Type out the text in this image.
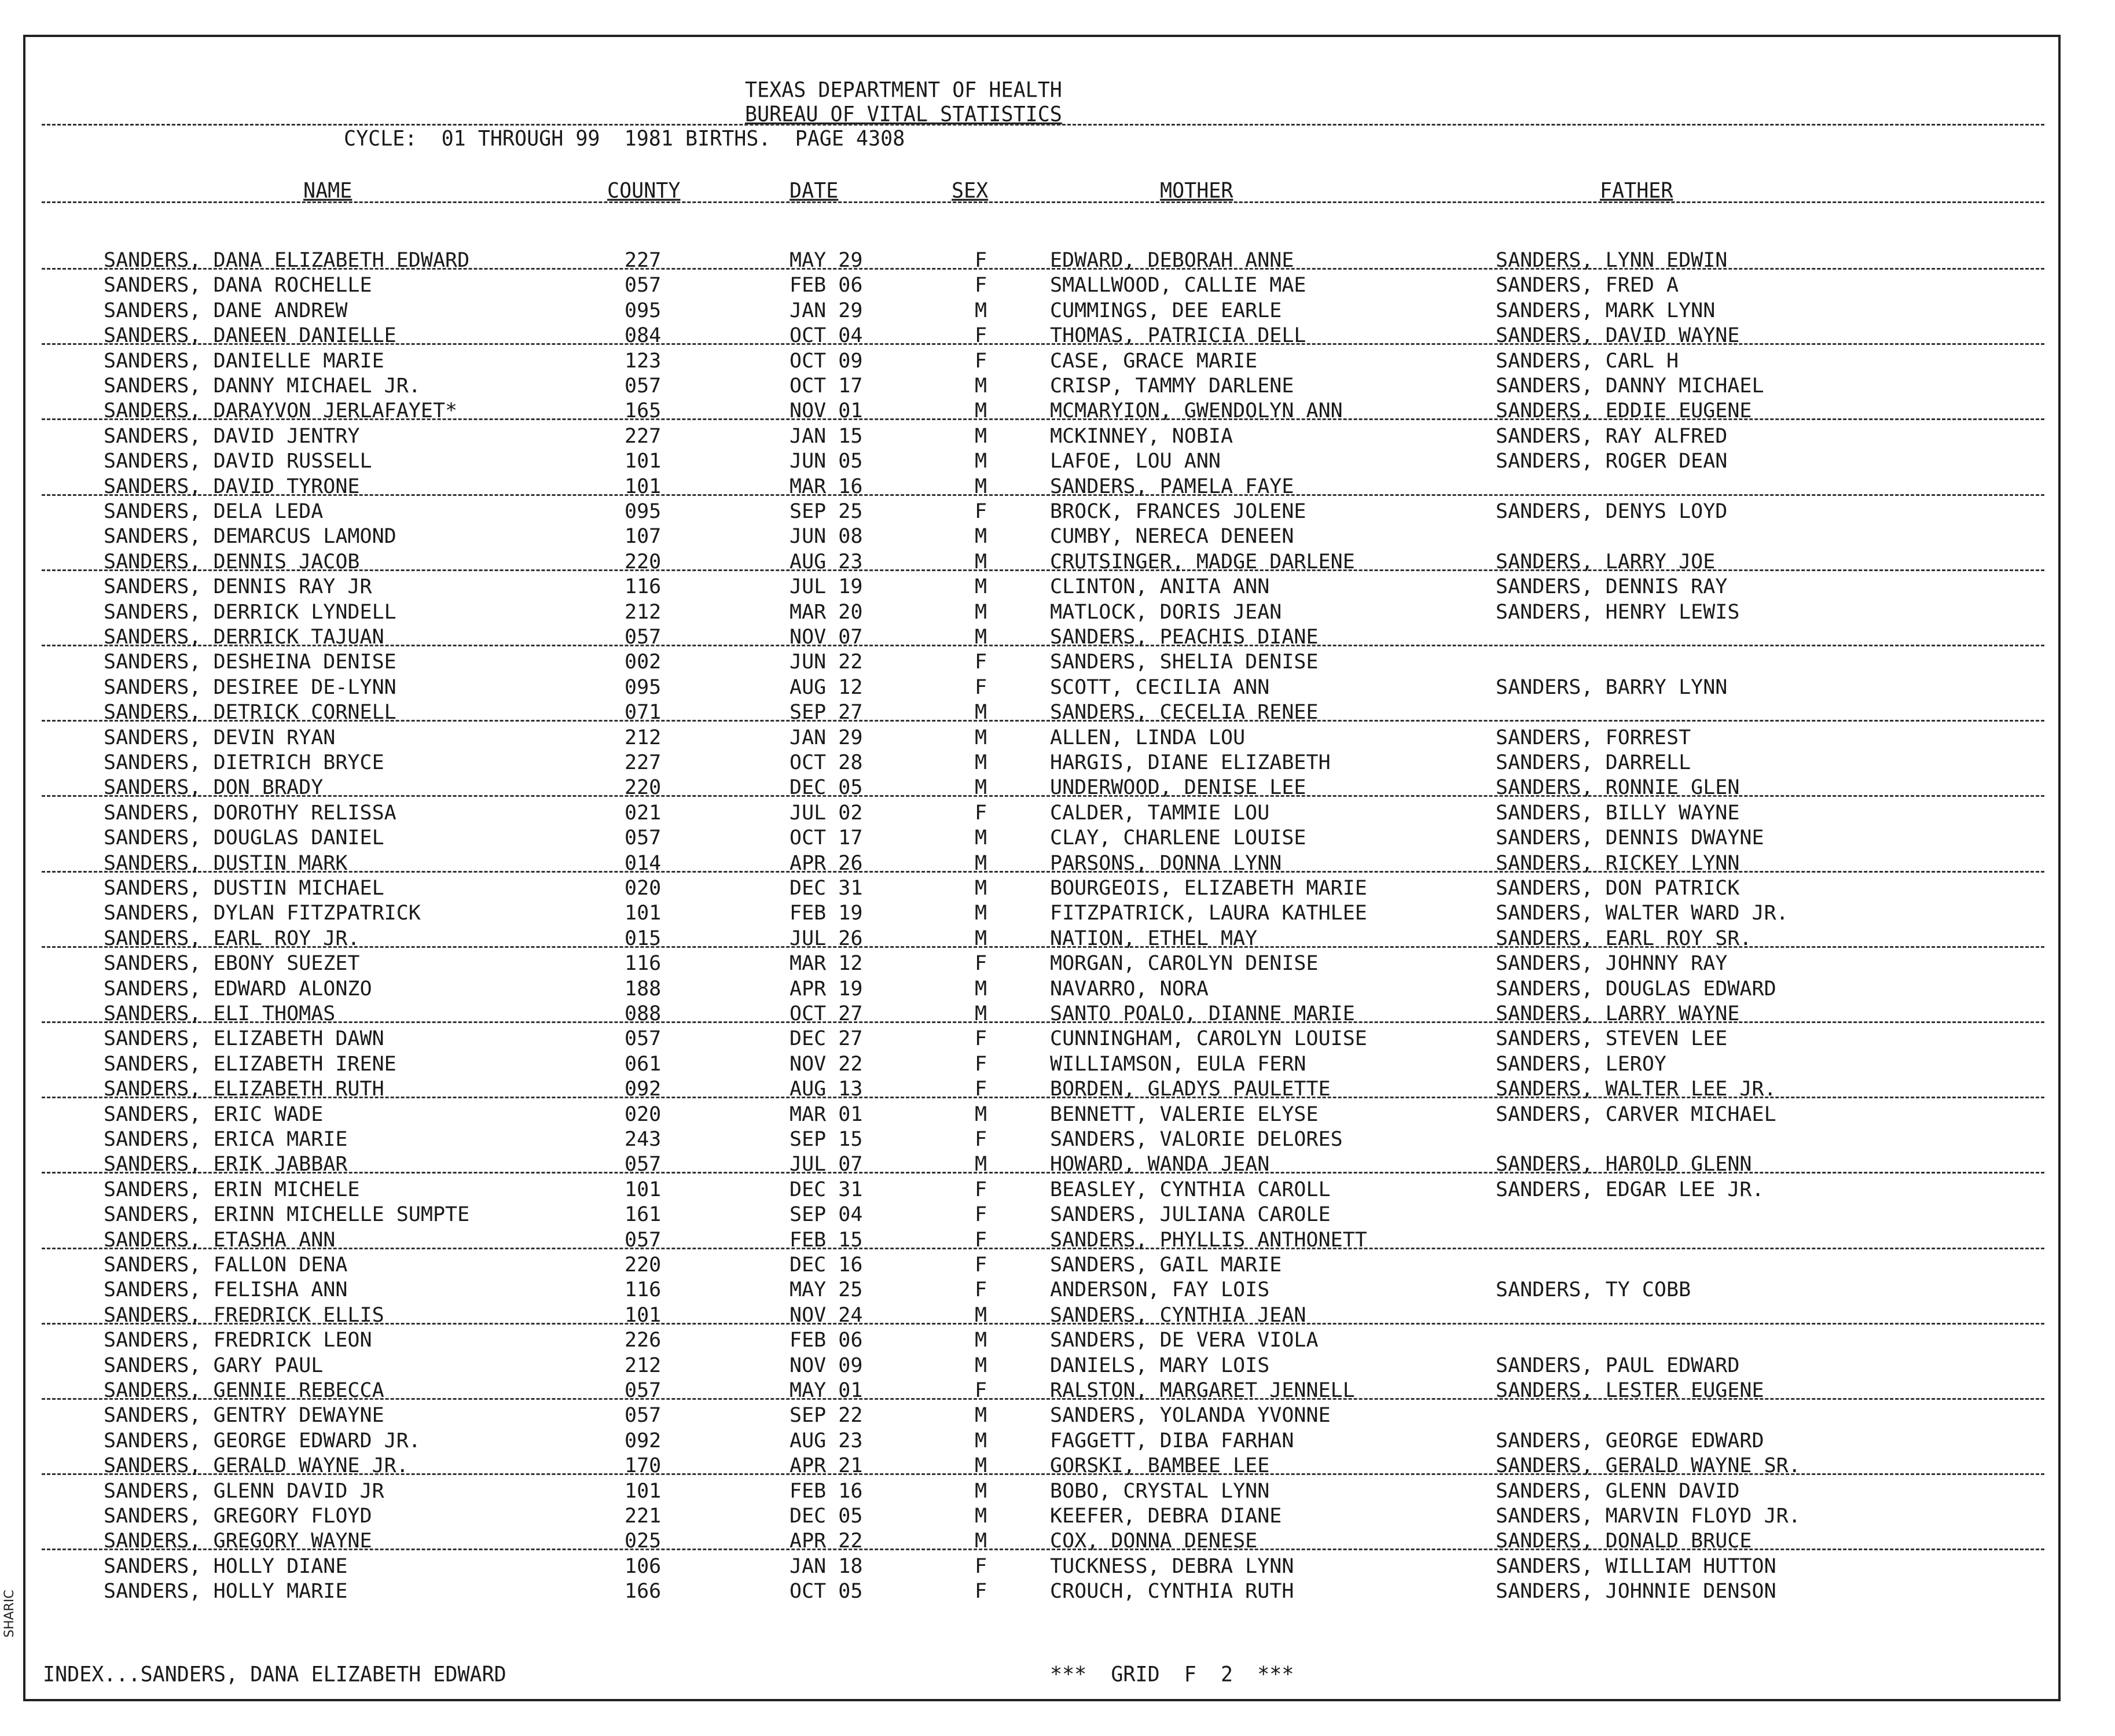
SHARIC
TEXAS DEPARTMENT OF HEALTH
BUREAU OF VITAL STATISTICS
CYCLE:  01 THROUGH 99  1981 BIRTHS.  PAGE 4308
NAME	COUNTY	DATE	SEX	MOTHER	FATHER
SANDERS, DANA ELIZABETH EDWARD	227	MAY 29	F	EDWARD, DEBORAH ANNE	SANDERS, LYNN EDWIN
SANDERS, DANA ROCHELLE	057	FEB 06	F	SMALLWOOD, CALLIE MAE	SANDERS, FRED A
SANDERS, DANE ANDREW	095	JAN 29	M	CUMMINGS, DEE EARLE	SANDERS, MARK LYNN
SANDERS, DANEEN DANIELLE	084	OCT 04	F	THOMAS, PATRICIA DELL	SANDERS, DAVID WAYNE
SANDERS, DANIELLE MARIE	123	OCT 09	F	CASE, GRACE MARIE	SANDERS, CARL H
SANDERS, DANNY MICHAEL JR.	057	OCT 17	M	CRISP, TAMMY DARLENE	SANDERS, DANNY MICHAEL
SANDERS, DARAYVON JERLAFAYET*	165	NOV 01	M	MCMARYION, GWENDOLYN ANN	SANDERS, EDDIE EUGENE
SANDERS, DAVID JENTRY	227	JAN 15	M	MCKINNEY, NOBIA	SANDERS, RAY ALFRED
SANDERS, DAVID RUSSELL	101	JUN 05	M	LAFOE, LOU ANN	SANDERS, ROGER DEAN
SANDERS, DAVID TYRONE	101	MAR 16	M	SANDERS, PAMELA FAYE
SANDERS, DELA LEDA	095	SEP 25	F	BROCK, FRANCES JOLENE	SANDERS, DENYS LOYD
SANDERS, DEMARCUS LAMOND	107	JUN 08	M	CUMBY, NERECA DENEEN
SANDERS, DENNIS JACOB	220	AUG 23	M	CRUTSINGER, MADGE DARLENE	SANDERS, LARRY JOE
SANDERS, DENNIS RAY JR	116	JUL 19	M	CLINTON, ANITA ANN	SANDERS, DENNIS RAY
SANDERS, DERRICK LYNDELL	212	MAR 20	M	MATLOCK, DORIS JEAN	SANDERS, HENRY LEWIS
SANDERS, DERRICK TAJUAN	057	NOV 07	M	SANDERS, PEACHIS DIANE
SANDERS, DESHEINA DENISE	002	JUN 22	F	SANDERS, SHELIA DENISE
SANDERS, DESIREE DE-LYNN	095	AUG 12	F	SCOTT, CECILIA ANN	SANDERS, BARRY LYNN
SANDERS, DETRICK CORNELL	071	SEP 27	M	SANDERS, CECELIA RENEE
SANDERS, DEVIN RYAN	212	JAN 29	M	ALLEN, LINDA LOU	SANDERS, FORREST
SANDERS, DIETRICH BRYCE	227	OCT 28	M	HARGIS, DIANE ELIZABETH	SANDERS, DARRELL
SANDERS, DON BRADY	220	DEC 05	M	UNDERWOOD, DENISE LEE	SANDERS, RONNIE GLEN
SANDERS, DOROTHY RELISSA	021	JUL 02	F	CALDER, TAMMIE LOU	SANDERS, BILLY WAYNE
SANDERS, DOUGLAS DANIEL	057	OCT 17	M	CLAY, CHARLENE LOUISE	SANDERS, DENNIS DWAYNE
SANDERS, DUSTIN MARK	014	APR 26	M	PARSONS, DONNA LYNN	SANDERS, RICKEY LYNN
SANDERS, DUSTIN MICHAEL	020	DEC 31	M	BOURGEOIS, ELIZABETH MARIE	SANDERS, DON PATRICK
SANDERS, DYLAN FITZPATRICK	101	FEB 19	M	FITZPATRICK, LAURA KATHLEE	SANDERS, WALTER WARD JR.
SANDERS, EARL ROY JR.	015	JUL 26	M	NATION, ETHEL MAY	SANDERS, EARL ROY SR.
SANDERS, EBONY SUEZET	116	MAR 12	F	MORGAN, CAROLYN DENISE	SANDERS, JOHNNY RAY
SANDERS, EDWARD ALONZO	188	APR 19	M	NAVARRO, NORA	SANDERS, DOUGLAS EDWARD
SANDERS, ELI THOMAS	088	OCT 27	M	SANTO POALO, DIANNE MARIE	SANDERS, LARRY WAYNE
SANDERS, ELIZABETH DAWN	057	DEC 27	F	CUNNINGHAM, CAROLYN LOUISE	SANDERS, STEVEN LEE
SANDERS, ELIZABETH IRENE	061	NOV 22	F	WILLIAMSON, EULA FERN	SANDERS, LEROY
SANDERS, ELIZABETH RUTH	092	AUG 13	F	BORDEN, GLADYS PAULETTE	SANDERS, WALTER LEE JR.
SANDERS, ERIC WADE	020	MAR 01	M	BENNETT, VALERIE ELYSE	SANDERS, CARVER MICHAEL
SANDERS, ERICA MARIE	243	SEP 15	F	SANDERS, VALORIE DELORES
SANDERS, ERIK JABBAR	057	JUL 07	M	HOWARD, WANDA JEAN	SANDERS, HAROLD GLENN
SANDERS, ERIN MICHELE	101	DEC 31	F	BEASLEY, CYNTHIA CAROLL	SANDERS, EDGAR LEE JR.
SANDERS, ERINN MICHELLE SUMPTE	161	SEP 04	F	SANDERS, JULIANA CAROLE
SANDERS, ETASHA ANN	057	FEB 15	F	SANDERS, PHYLLIS ANTHONETT
SANDERS, FALLON DENA	220	DEC 16	F	SANDERS, GAIL MARIE
SANDERS, FELISHA ANN	116	MAY 25	F	ANDERSON, FAY LOIS	SANDERS, TY COBB
SANDERS, FREDRICK ELLIS	101	NOV 24	M	SANDERS, CYNTHIA JEAN
SANDERS, FREDRICK LEON	226	FEB 06	M	SANDERS, DE VERA VIOLA
SANDERS, GARY PAUL	212	NOV 09	M	DANIELS, MARY LOIS	SANDERS, PAUL EDWARD
SANDERS, GENNIE REBECCA	057	MAY 01	F	RALSTON, MARGARET JENNELL	SANDERS, LESTER EUGENE
SANDERS, GENTRY DEWAYNE	057	SEP 22	M	SANDERS, YOLANDA YVONNE
SANDERS, GEORGE EDWARD JR.	092	AUG 23	M	FAGGETT, DIBA FARHAN	SANDERS, GEORGE EDWARD
SANDERS, GERALD WAYNE JR.	170	APR 21	M	GORSKI, BAMBEE LEE	SANDERS, GERALD WAYNE SR.
SANDERS, GLENN DAVID JR	101	FEB 16	M	BOBO, CRYSTAL LYNN	SANDERS, GLENN DAVID
SANDERS, GREGORY FLOYD	221	DEC 05	M	KEEFER, DEBRA DIANE	SANDERS, MARVIN FLOYD JR.
SANDERS, GREGORY WAYNE	025	APR 22	M	COX, DONNA DENESE	SANDERS, DONALD BRUCE
SANDERS, HOLLY DIANE	106	JAN 18	F	TUCKNESS, DEBRA LYNN	SANDERS, WILLIAM HUTTON
SANDERS, HOLLY MARIE	166	OCT 05	F	CROUCH, CYNTHIA RUTH	SANDERS, JOHNNIE DENSON
INDEX...SANDERS, DANA ELIZABETH EDWARD	***  GRID  F  2  ***
